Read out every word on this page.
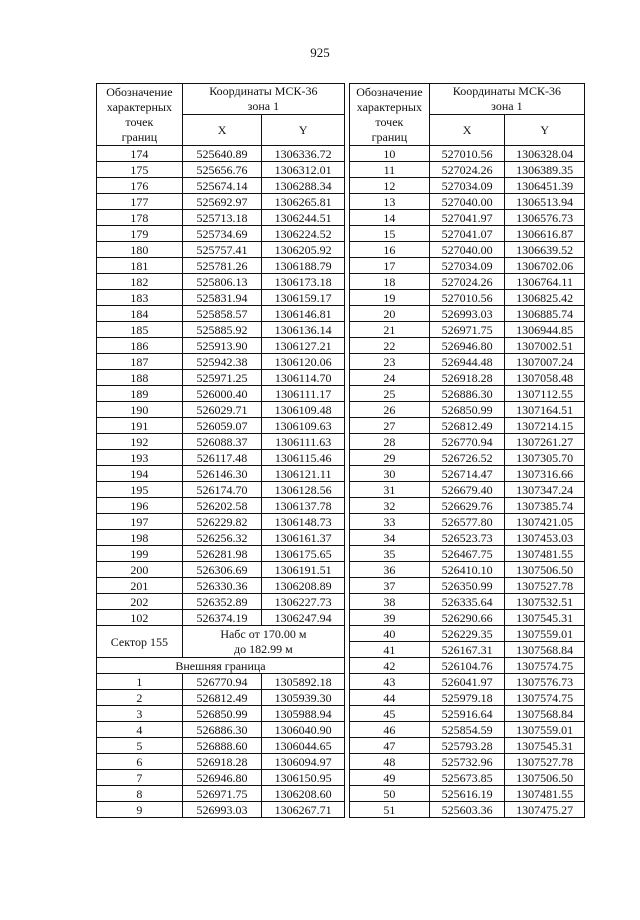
925
Обозначение
характерных
точек
границ	Координаты МСК-36
зона 1	
	X	Y
174	525640.89	1306336.72
175	525656.76	1306312.01
176	525674.14	1306288.34
177	525692.97	1306265.81
178	525713.18	1306244.51
179	525734.69	1306224.52
180	525757.41	1306205.92
181	525781.26	1306188.79
182	525806.13	1306173.18
183	525831.94	1306159.17
184	525858.57	1306146.81
185	525885.92	1306136.14
186	525913.90	1306127.21
187	525942.38	1306120.06
188	525971.25	1306114.70
189	526000.40	1306111.17
190	526029.71	1306109.48
191	526059.07	1306109.63
192	526088.37	1306111.63
193	526117.48	1306115.46
194	526146.30	1306121.11
195	526174.70	1306128.56
196	526202.58	1306137.78
197	526229.82	1306148.73
198	526256.32	1306161.37
199	526281.98	1306175.65
200	526306.69	1306191.51
201	526330.36	1306208.89
202	526352.89	1306227.73
102	526374.19	1306247.94
Сектор 155	Набс от 170.00 м
до 182.99 м	
Внешняя граница		
1	526770.94	1305892.18
2	526812.49	1305939.30
3	526850.99	1305988.94
4	526886.30	1306040.90
5	526888.60	1306044.65
6	526918.28	1306094.97
7	526946.80	1306150.95
8	526971.75	1306208.60
9	526993.03	1306267.71
Обозначение
характерных
точек
границ	Координаты МСК-36
зона 1	
	X	Y
10	527010.56	1306328.04
11	527024.26	1306389.35
12	527034.09	1306451.39
13	527040.00	1306513.94
14	527041.97	1306576.73
15	527041.07	1306616.87
16	527040.00	1306639.52
17	527034.09	1306702.06
18	527024.26	1306764.11
19	527010.56	1306825.42
20	526993.03	1306885.74
21	526971.75	1306944.85
22	526946.80	1307002.51
23	526944.48	1307007.24
24	526918.28	1307058.48
25	526886.30	1307112.55
26	526850.99	1307164.51
27	526812.49	1307214.15
28	526770.94	1307261.27
29	526726.52	1307305.70
30	526714.47	1307316.66
31	526679.40	1307347.24
32	526629.76	1307385.74
33	526577.80	1307421.05
34	526523.73	1307453.03
35	526467.75	1307481.55
36	526410.10	1307506.50
37	526350.99	1307527.78
38	526335.64	1307532.51
39	526290.66	1307545.31
40	526229.35	1307559.01
41	526167.31	1307568.84
42	526104.76	1307574.75
43	526041.97	1307576.73
44	525979.18	1307574.75
45	525916.64	1307568.84
46	525854.59	1307559.01
47	525793.28	1307545.31
48	525732.96	1307527.78
49	525673.85	1307506.50
50	525616.19	1307481.55
51	525603.36	1307475.27
